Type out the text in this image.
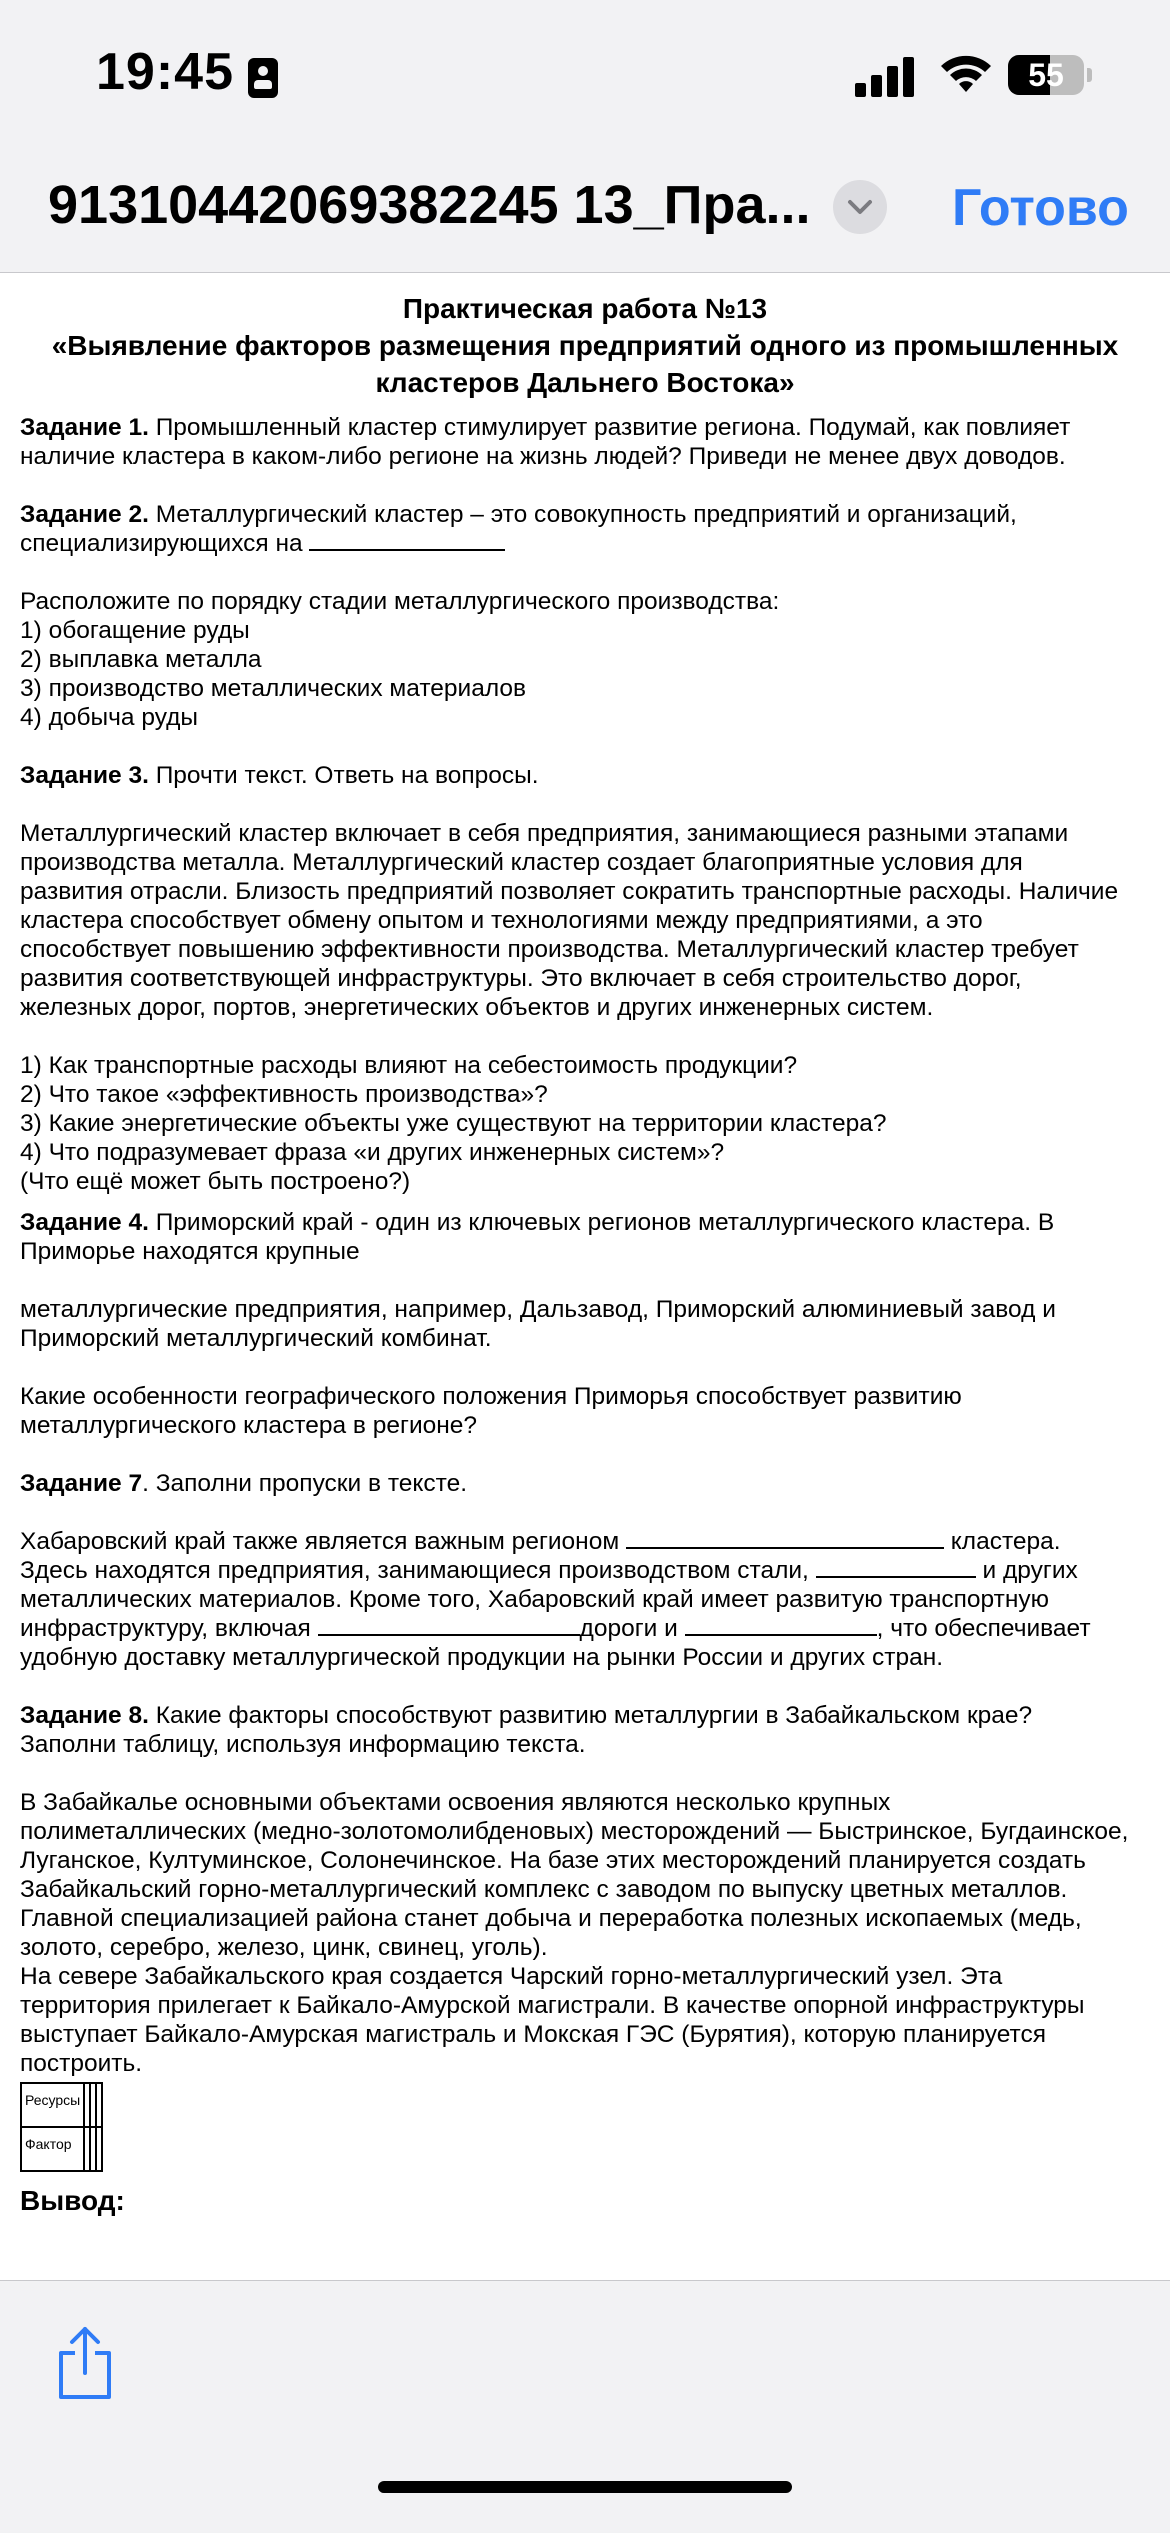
19:45	55
91310442069382245 13_Пра...	Готово

Практическая работа №13

«Выявление факторов размещения предприятий одного из промышленных

кластеров Дальнего Востока»

Задание 1. Промышленный кластер стимулирует развитие региона. Подумай, как повлияет

наличие кластера в каком-либо регионе на жизнь людей? Приведи не менее двух доводов.

Задание 2. Металлургический кластер – это совокупность предприятий и организаций,

специализирующихся на

Расположите по порядку стадии металлургического производства:

1) обогащение руды

2) выплавка металла

3) производство металлических материалов

4) добыча руды

Задание 3. Прочти текст. Ответь на вопросы.

Металлургический кластер включает в себя предприятия, занимающиеся разными этапами

производства металла. Металлургический кластер создает благоприятные условия для

развития отрасли. Близость предприятий позволяет сократить транспортные расходы. Наличие

кластера способствует обмену опытом и технологиями между предприятиями, а это

способствует повышению эффективности производства. Металлургический кластер требует

развития соответствующей инфраструктуры. Это включает в себя строительство дорог,

железных дорог, портов, энергетических объектов и других инженерных систем.

1) Как транспортные расходы влияют на себестоимость продукции?

2) Что такое «эффективность производства»?

3) Какие энергетические объекты уже существуют на территории кластера?

4) Что подразумевает фраза «и других инженерных систем»?

(Что ещё может быть построено?)

Задание 4. Приморский край - один из ключевых регионов металлургического кластера. В

Приморье находятся крупные

металлургические предприятия, например, Дальзавод, Приморский алюминиевый завод и

Приморский металлургический комбинат.

Какие особенности географического положения Приморья способствует развитию

металлургического кластера в регионе?

Задание 7. Заполни пропуски в тексте.

Хабаровский край также является важным регионом	кластера.

Здесь находятся предприятия, занимающиеся производством стали,	и других

металлических материалов. Кроме того, Хабаровский край имеет развитую транспортную

инфраструктуру, включая	дороги и	, что обеспечивает

удобную доставку металлургической продукции на рынки России и других стран.

Задание 8. Какие факторы способствуют развитию металлургии в Забайкальском крае?

Заполни таблицу, используя информацию текста.

В Забайкалье основными объектами освоения являются несколько крупных

полиметаллических (медно-золотомолибденовых) месторождений — Быстринское, Бугдаинское,

Луганское, Култуминское, Солонечинское. На базе этих месторождений планируется создать

Забайкальский горно-металлургический комплекс с заводом по выпуску цветных металлов.

Главной специализацией района станет добыча и переработка полезных ископаемых (медь,

золото, серебро, железо, цинк, свинец, уголь).

На севере Забайкальского края создается Чарский горно-металлургический узел. Эта

территория прилегает к Байкало-Амурской магистрали. В качестве опорной инфраструктуры

выступает Байкало-Амурская магистраль и Мокская ГЭС (Бурятия), которую планируется

построить.

Ресурсы			
Фактор			

Вывод:
